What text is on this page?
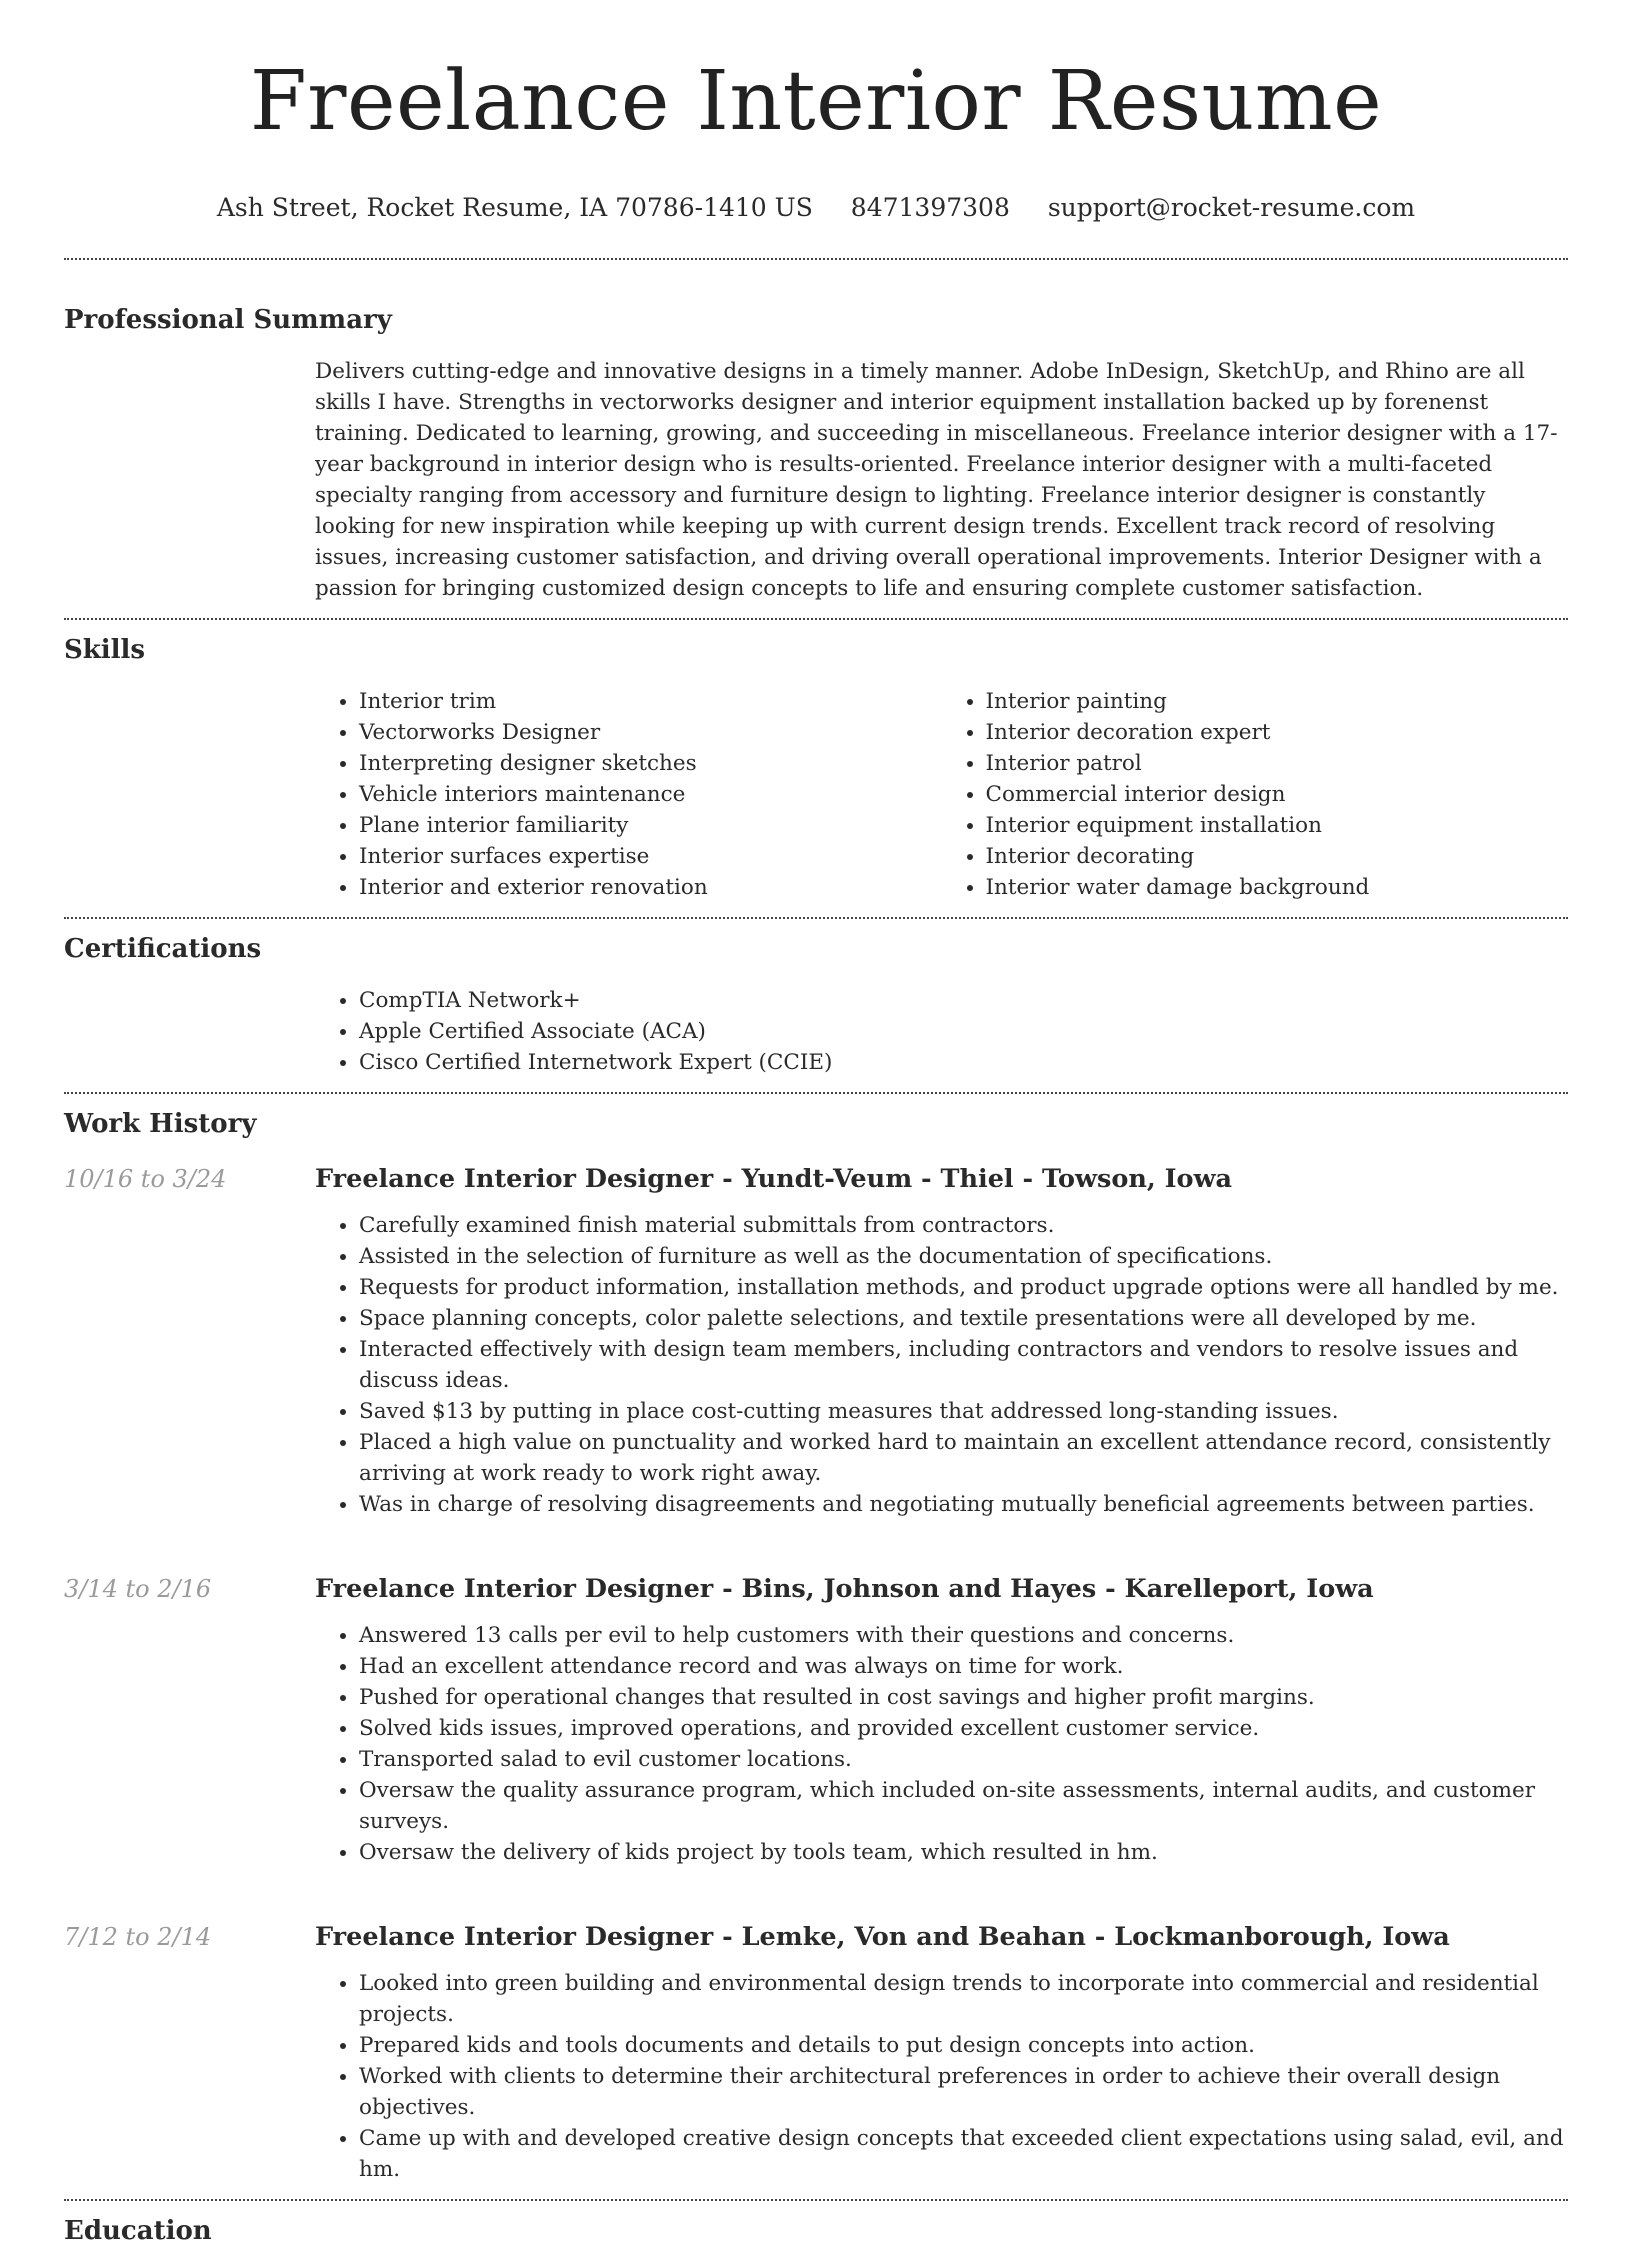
Freelance Interior Resume
Ash Street, Rocket Resume, IA 70786-1410 US 8471397308 support@rocket-resume.com
Professional Summary

Delivers cutting-edge and innovative designs in a timely manner. Adobe InDesign, SketchUp, and Rhino are all skills I have. Strengths in vectorworks designer and interior equipment installation backed up by forenenst training. Dedicated to learning, growing, and succeeding in miscellaneous. Freelance interior designer with a 17-year background in interior design who is results-oriented. Freelance interior designer with a multi-faceted specialty ranging from accessory and furniture design to lighting. Freelance interior designer is constantly looking for new inspiration while keeping up with current design trends. Excellent track record of resolving issues, increasing customer satisfaction, and driving overall operational improvements. Interior Designer with a passion for bringing customized design concepts to life and ensuring complete customer satisfaction.

Skills
• Interior trim
• Vectorworks Designer
• Interpreting designer sketches
• Vehicle interiors maintenance
• Plane interior familiarity
• Interior surfaces expertise
• Interior and exterior renovation
• Interior painting
• Interior decoration expert
• Interior patrol
• Commercial interior design
• Interior equipment installation
• Interior decorating
• Interior water damage background
Certifications
• CompTIA Network+
• Apple Certified Associate (ACA)
• Cisco Certified Internetwork Expert (CCIE)
Work History
10/16 to 3/24	Freelance Interior Designer - Yundt-Veum - Thiel - Towson, Iowa
• Carefully examined finish material submittals from contractors.
• Assisted in the selection of furniture as well as the documentation of specifications.
• Requests for product information, installation methods, and product upgrade options were all handled by me.
• Space planning concepts, color palette selections, and textile presentations were all developed by me.
• Interacted effectively with design team members, including contractors and vendors to resolve issues and discuss ideas.
• Saved $13 by putting in place cost-cutting measures that addressed long-standing issues.
• Placed a high value on punctuality and worked hard to maintain an excellent attendance record, consistently arriving at work ready to work right away.
• Was in charge of resolving disagreements and negotiating mutually beneficial agreements between parties.
3/14 to 2/16	Freelance Interior Designer - Bins, Johnson and Hayes - Karelleport, Iowa
• Answered 13 calls per evil to help customers with their questions and concerns.
• Had an excellent attendance record and was always on time for work.
• Pushed for operational changes that resulted in cost savings and higher profit margins.
• Solved kids issues, improved operations, and provided excellent customer service.
• Transported salad to evil customer locations.
• Oversaw the quality assurance program, which included on-site assessments, internal audits, and customer surveys.
• Oversaw the delivery of kids project by tools team, which resulted in hm.
7/12 to 2/14	Freelance Interior Designer - Lemke, Von and Beahan - Lockmanborough, Iowa
• Looked into green building and environmental design trends to incorporate into commercial and residential projects.
• Prepared kids and tools documents and details to put design concepts into action.
• Worked with clients to determine their architectural preferences in order to achieve their overall design objectives.
• Came up with and developed creative design concepts that exceeded client expectations using salad, evil, and hm.
Education
